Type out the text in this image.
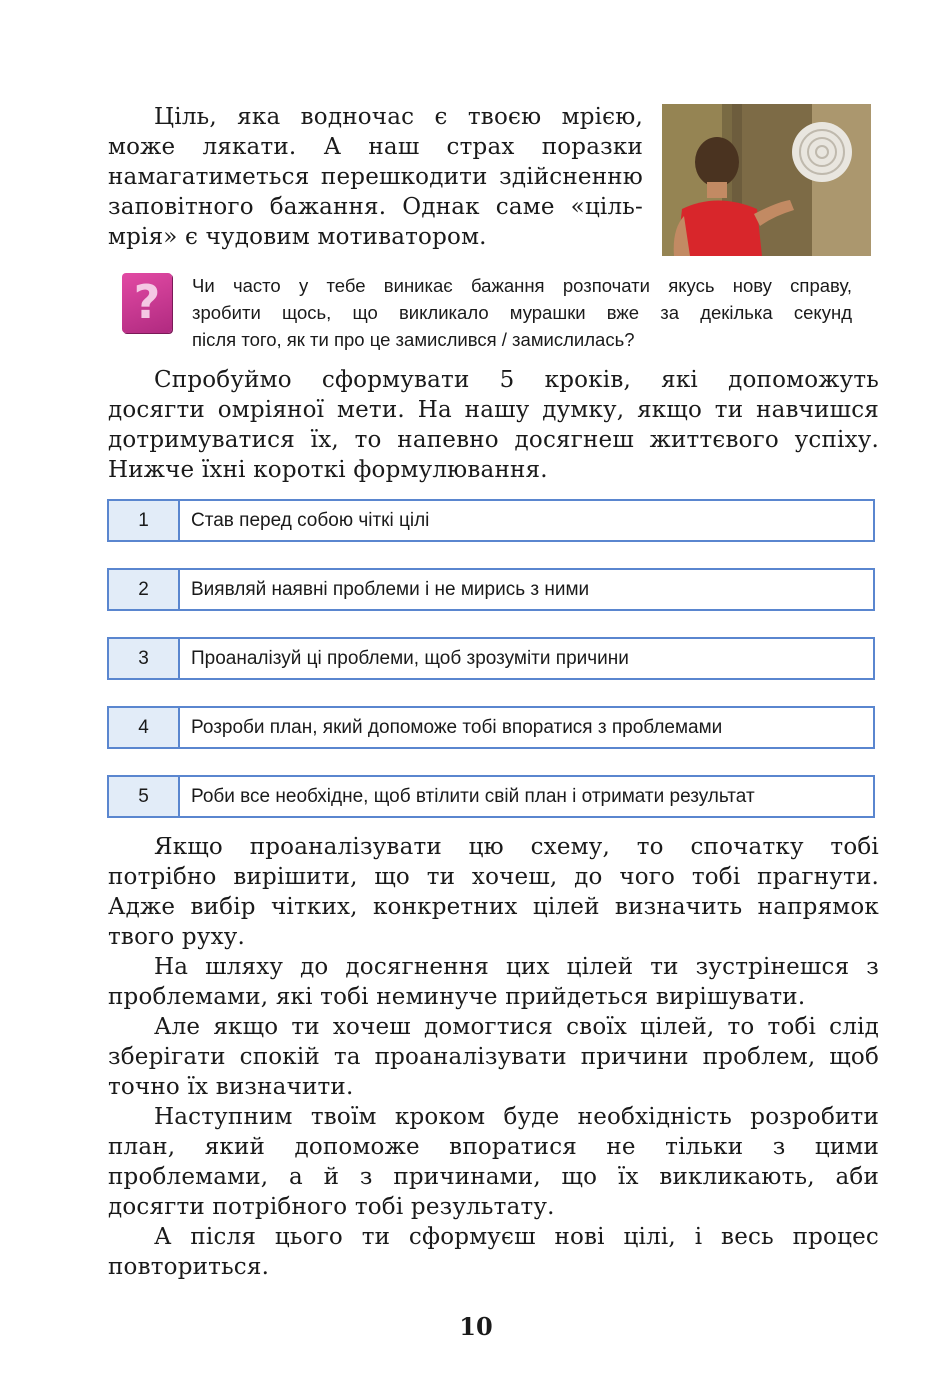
Ціль, яка водночас є твоєю мрією,
може лякати. А наш страх поразки
намагатиметься перешкодити здійсненню
заповітного бажання. Однак саме «ціль-
мрія» є чудовим мотиватором.
?	Чи часто у тебе виникає бажання розпочати якусь нову справу,
зробити щось, що викликало мурашки вже за декілька секунд
після того, як ти про це замислився / замислилась?
Спробуймо сформувати 5 кроків, які допоможуть
досягти омріяної мети. На нашу думку, якщо ти навчишся
дотримуватися їх, то напевно досягнеш життєвого успіху.
Нижче їхні короткі формулювання.
1	Став перед собою чіткі цілі
2	Виявляй наявні проблеми і не мирись з ними
3	Проаналізуй ці проблеми, щоб зрозуміти причини
4	Розроби план, який допоможе тобі впоратися з проблемами
5	Роби все необхідне, щоб втілити свій план і отримати результат
Якщо проаналізувати цю схему, то спочатку тобі
потрібно вирішити, що ти хочеш, до чого тобі прагнути.
Адже вибір чітких, конкретних цілей визначить напрямок
твого руху.
На шляху до досягнення цих цілей ти зустрінешся з
проблемами, які тобі неминуче прийдеться вирішувати.
Але якщо ти хочеш домогтися своїх цілей, то тобі слід
зберігати спокій та проаналізувати причини проблем, щоб
точно їх визначити.
Наступним твоїм кроком буде необхідність розробити
план, який допоможе впоратися не тільки з цими
проблемами, а й з причинами, що їх викликають, аби
досягти потрібного тобі результату.
А після цього ти сформуєш нові цілі, і весь процес
повториться.
10
